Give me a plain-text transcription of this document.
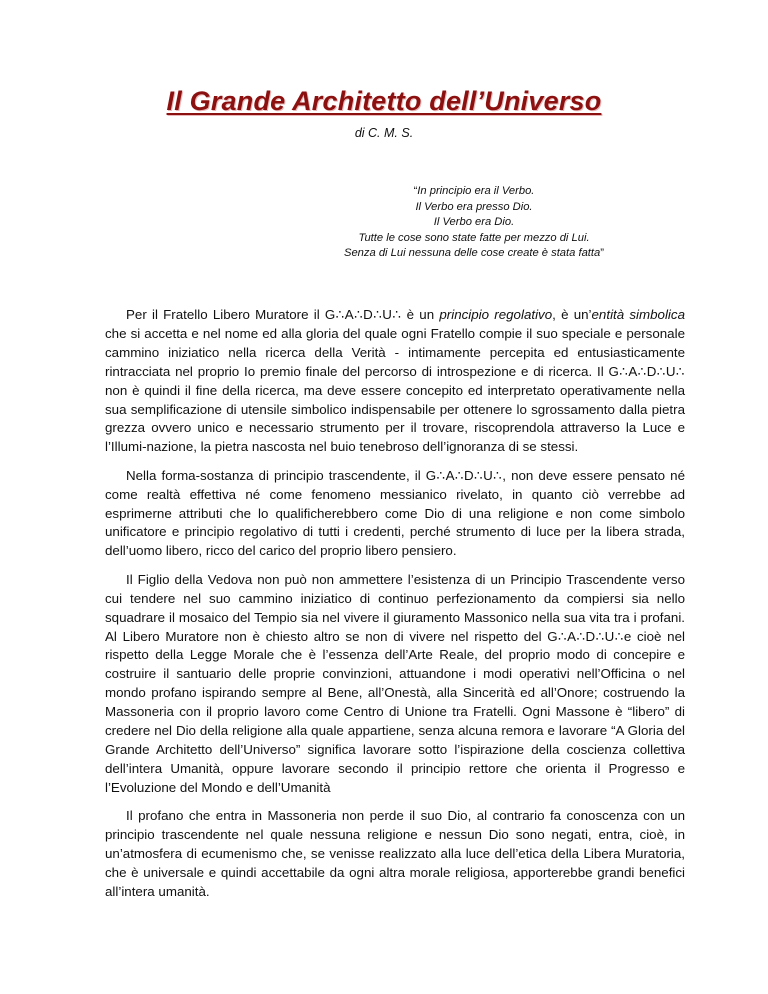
Il Grande Architetto dell’Universo
di C. M. S.
“In principio era il Verbo.
Il Verbo era presso Dio.
Il Verbo era Dio.
Tutte le cose sono state fatte per mezzo di Lui.
Senza di Lui nessuna delle cose create è stata fatta”

Per il Fratello Libero Muratore il G∴A∴D∴U∴ è un principio regolativo, è un’entità simbolica che si accetta e nel nome ed alla gloria del quale ogni Fratello compie il suo speciale e personale cammino iniziatico nella ricerca della Verità - intimamente percepita ed entusiasticamente rintracciata nel proprio Io premio finale del percorso di introspezione e di ricerca. Il G∴A∴D∴U∴ non è quindi il fine della ricerca, ma deve essere concepito ed interpretato operativamente nella sua semplificazione di utensile simbolico indispensabile per ottenere lo sgrossamento dalla pietra grezza ovvero unico e necessario strumento per il trovare, riscoprendola attraverso la Luce e l’Illumi-nazione, la pietra nascosta nel buio tenebroso dell’ignoranza di se stessi.

Nella forma-sostanza di principio trascendente, il G∴A∴D∴U∴, non deve essere pensato né come realtà effettiva né come fenomeno messianico rivelato, in quanto ciò verrebbe ad esprimerne attributi che lo qualificherebbero come Dio di una religione e non come simbolo unificatore e principio regolativo di tutti i credenti, perché strumento di luce per la libera strada, dell’uomo libero, ricco del carico del proprio libero pensiero.

Il Figlio della Vedova non può non ammettere l’esistenza di un Principio Trascendente verso cui tendere nel suo cammino iniziatico di continuo perfezionamento da compiersi sia nello squadrare il mosaico del Tempio sia nel vivere il giuramento Massonico nella sua vita tra i profani. Al Libero Muratore non è chiesto altro se non di vivere nel rispetto del G∴A∴D∴U∴e cioè nel rispetto della Legge Morale che è l’essenza dell’Arte Reale, del proprio modo di concepire e costruire il santuario delle proprie convinzioni, attuandone i modi operativi nell’Officina o nel mondo profano ispirando sempre al Bene, all’Onestà, alla Sincerità ed all’Onore; costruendo la Massoneria con il proprio lavoro come Centro di Unione tra Fratelli. Ogni Massone è “libero” di credere nel Dio della religione alla quale appartiene, senza alcuna remora e lavorare “A Gloria del Grande Architetto dell’Universo” significa lavorare sotto l’ispirazione della coscienza collettiva dell’intera Umanità, oppure lavorare secondo il principio rettore che orienta il Progresso e l’Evoluzione del Mondo e dell’Umanità

Il profano che entra in Massoneria non perde il suo Dio, al contrario fa conoscenza con un principio trascendente nel quale nessuna religione e nessun Dio sono negati, entra, cioè, in un’atmosfera di ecumenismo che, se venisse realizzato alla luce dell’etica della Libera Muratoria, che è universale e quindi accettabile da ogni altra morale religiosa, apporterebbe grandi benefici all’intera umanità.
